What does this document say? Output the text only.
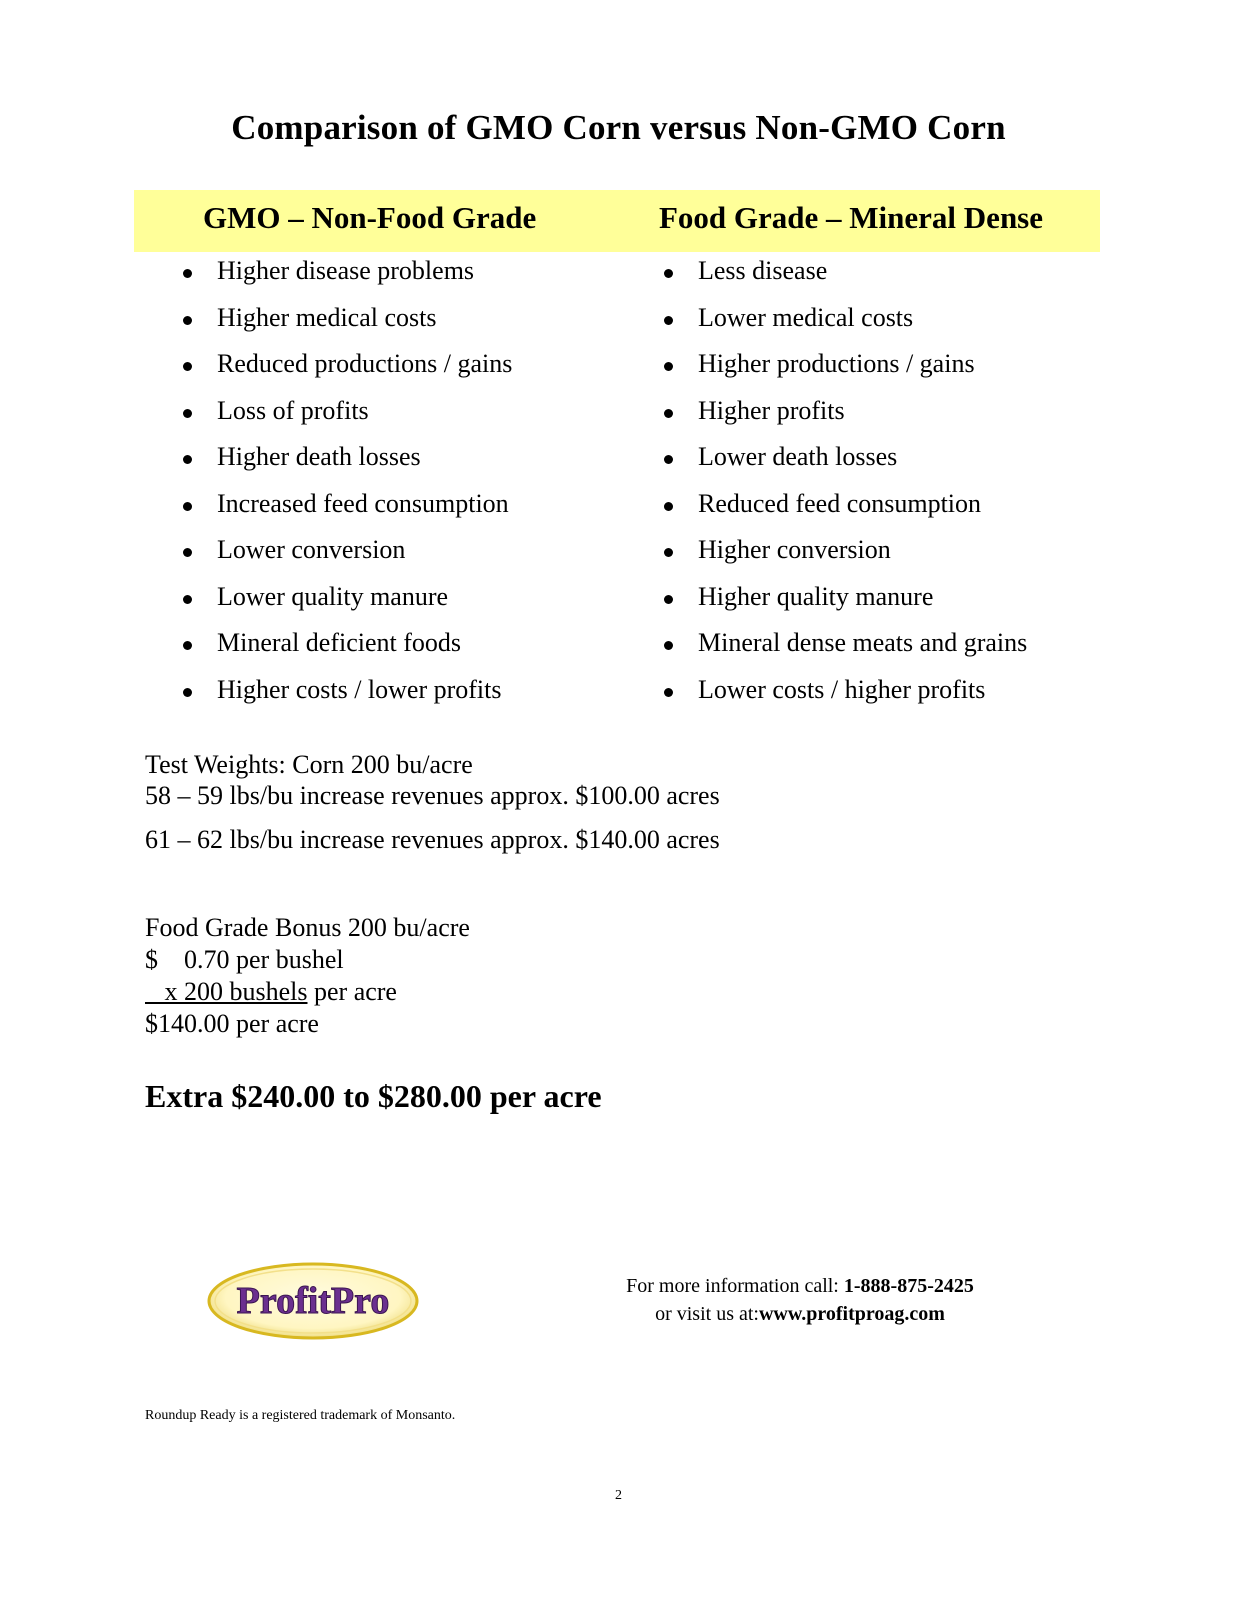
Comparison of GMO Corn versus Non-GMO Corn
GMO – Non-Food Grade	Food Grade – Mineral Dense
Higher disease problems
Higher medical costs
Reduced productions / gains
Loss of profits
Higher death losses
Increased feed consumption
Lower conversion
Lower quality manure
Mineral deficient foods
Higher costs / lower profits
Less disease
Lower medical costs
Higher productions / gains
Higher profits
Lower death losses
Reduced feed consumption
Higher conversion
Higher quality manure
Mineral dense meats and grains
Lower costs / higher profits
Test Weights: Corn 200 bu/acre
58 – 59 lbs/bu increase revenues approx. $100.00 acres
61 – 62 lbs/bu increase revenues approx. $140.00 acres
Food Grade Bonus 200 bu/acre
$    0.70 per bushel
x 200 bushels per acre
$140.00 per acre
Extra $240.00 to $280.00 per acre
ProfitPro	For more information call: 1-888-875-2425
or visit us at:www.profitproag.com
Roundup Ready is a registered trademark of Monsanto.
2
